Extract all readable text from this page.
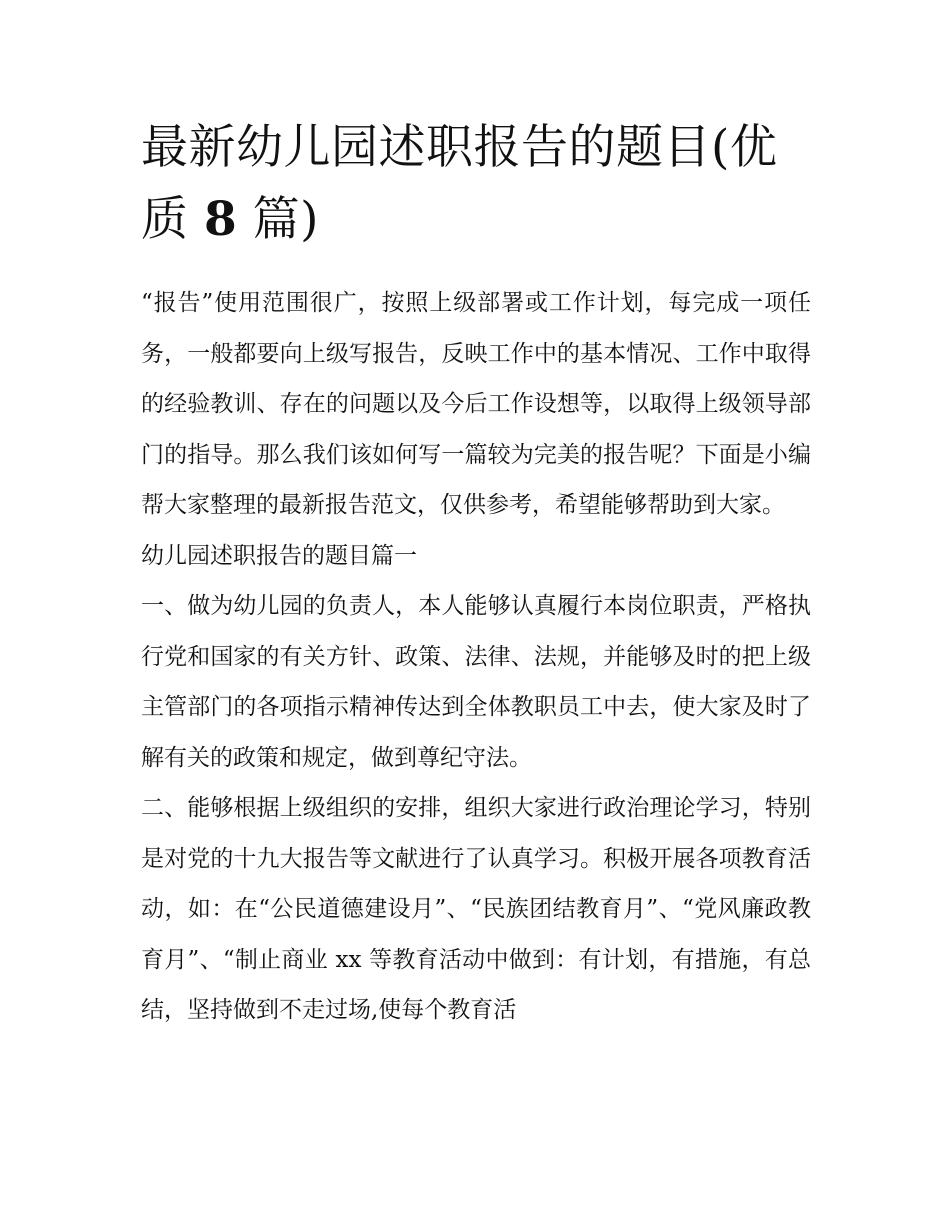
最新幼儿园述职报告的题目(优质 8 篇)

“报告”使用范围很广，按照上级部署或工作计划，每完成一项任务，一般都要向上级写报告，反映工作中的基本情况、工作中取得的经验教训、存在的问题以及今后工作设想等，以取得上级领导部门的指导。那么我们该如何写一篇较为完美的报告呢？下面是小编帮大家整理的最新报告范文，仅供参考，希望能够帮助到大家。

幼儿园述职报告的题目篇一

一、做为幼儿园的负责人，本人能够认真履行本岗位职责，严格执行党和国家的有关方针、政策、法律、法规，并能够及时的把上级主管部门的各项指示精神传达到全体教职员工中去，使大家及时了解有关的政策和规定，做到尊纪守法。

二、能够根据上级组织的安排，组织大家进行政治理论学习，特别是对党的十九大报告等文献进行了认真学习。积极开展各项教育活动，如：在“公民道德建设月”、“民族团结教育月”、“党风廉政教育月”、“制止商业 xx 等教育活动中做到：有计划，有措施，有总结，坚持做到不走过场,使每个教育活
